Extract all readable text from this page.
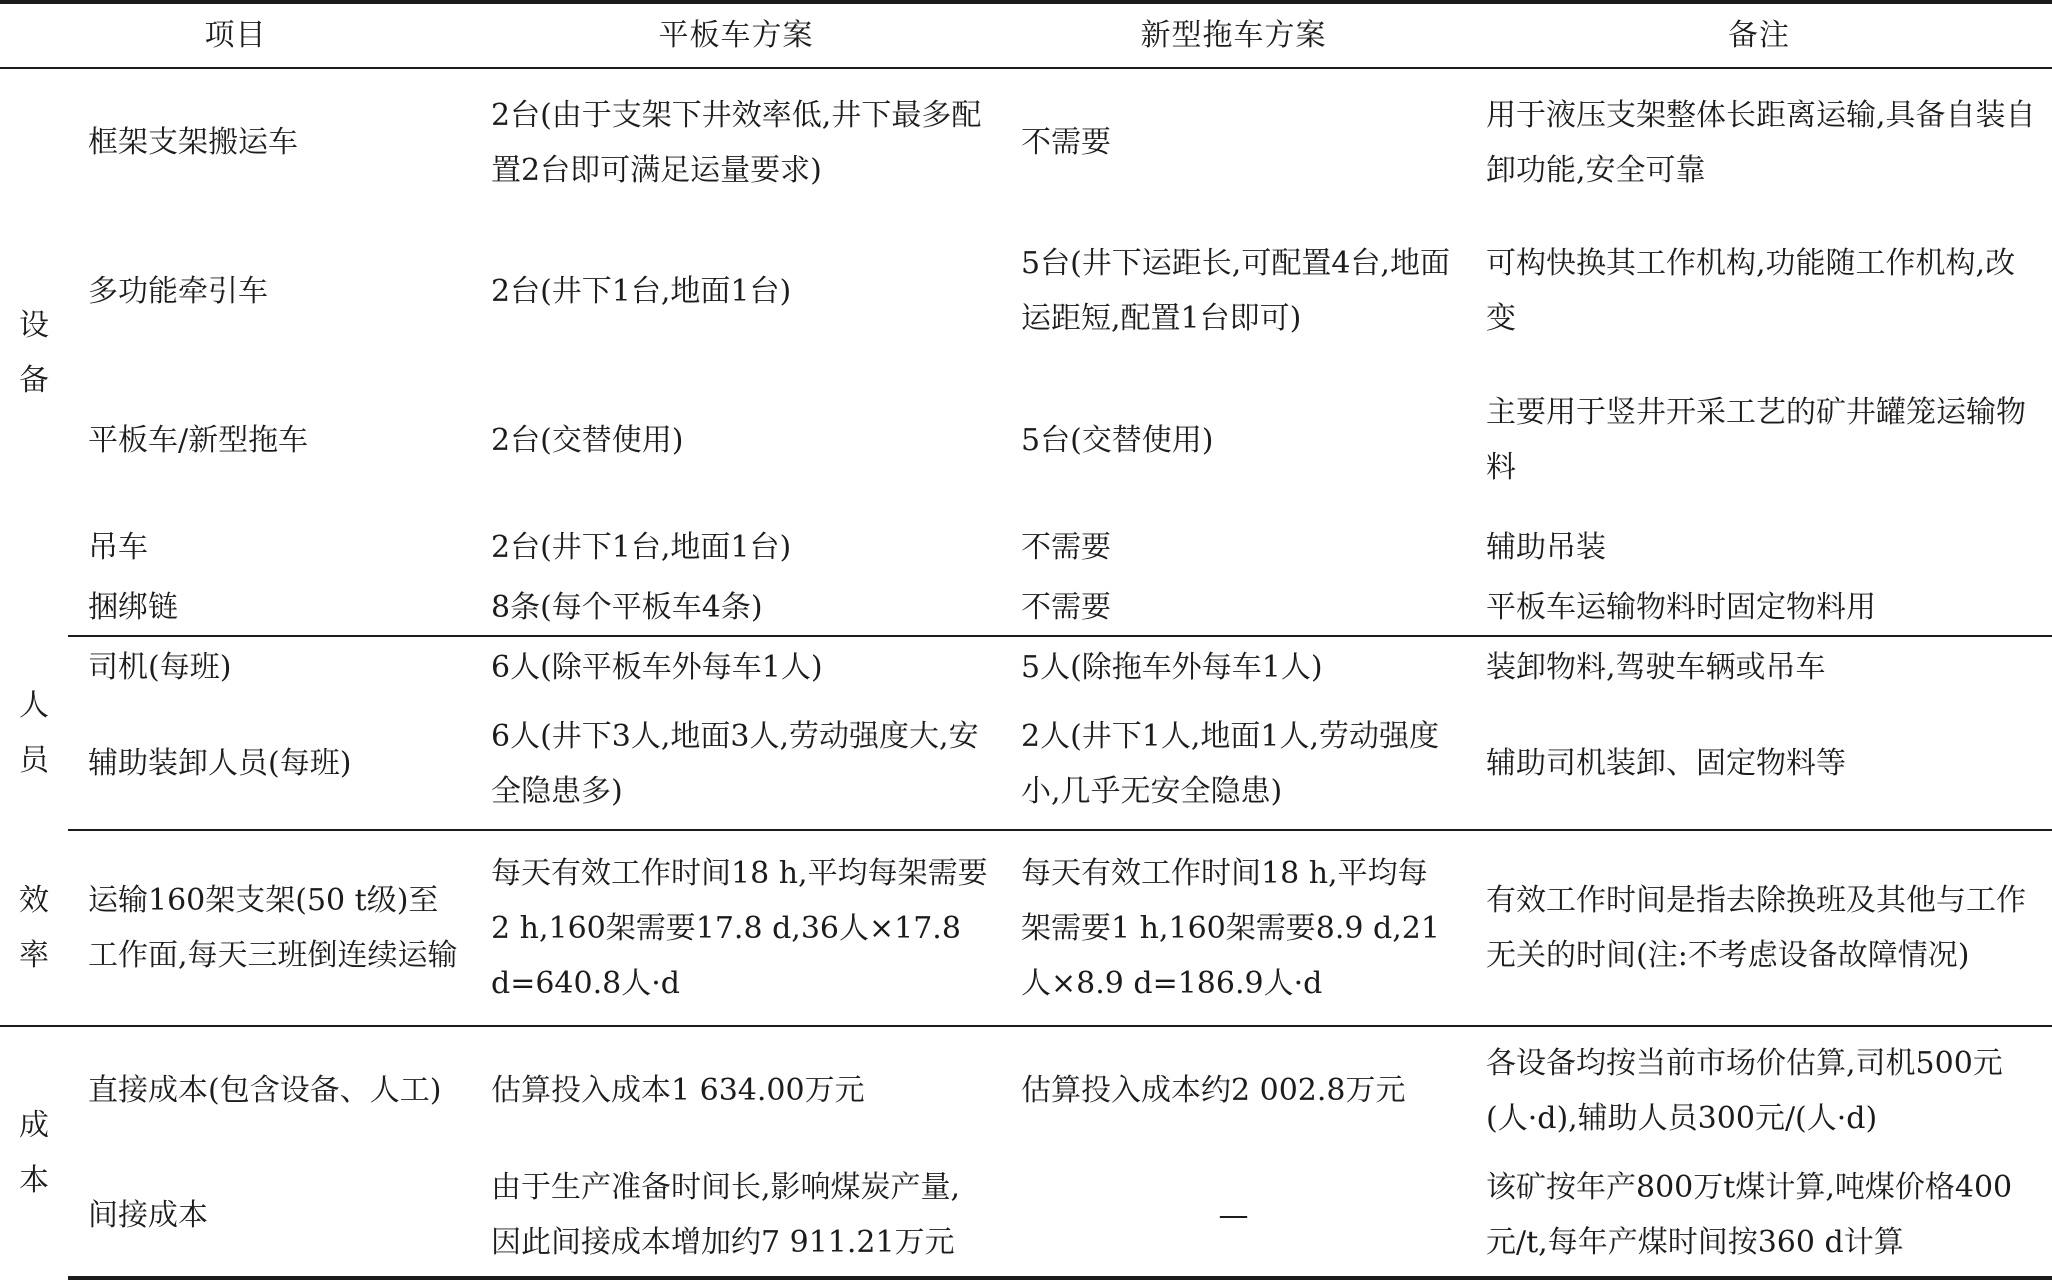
项目		平板车方案	新型拖车方案	备注
设备	框架支架搬运车	2台(由于支架下井效率低,井下最多配置2台即可满足运量要求)	不需要	用于液压支架整体长距离运输,具备自装自卸功能,安全可靠
	多功能牵引车	2台(井下1台,地面1台)	5台(井下运距长,可配置4台,地面运距短,配置1台即可)	可构快换其工作机构,功能随工作机构,改变
	平板车/新型拖车	2台(交替使用)	5台(交替使用)	主要用于竖井开采工艺的矿井罐笼运输物料
	吊车	2台(井下1台,地面1台)	不需要	辅助吊装
	捆绑链	8条(每个平板车4条)	不需要	平板车运输物料时固定物料用
人员	司机(每班)	6人(除平板车外每车1人)	5人(除拖车外每车1人)	装卸物料,驾驶车辆或吊车
	辅助装卸人员(每班)	6人(井下3人,地面3人,劳动强度大,安全隐患多)	2人(井下1人,地面1人,劳动强度小,几乎无安全隐患)	辅助司机装卸、固定物料等
效率	运输160架支架(50 t级)至工作面,每天三班倒连续运输	每天有效工作时间18 h,平均每架需要2 h,160架需要17.8 d,36人×17.8 d=640.8人·d	每天有效工作时间18 h,平均每架需要1 h,160架需要8.9 d,21人×8.9 d=186.9人·d	有效工作时间是指去除换班及其他与工作无关的时间(注:不考虑设备故障情况)
成本	直接成本(包含设备、人工)	估算投入成本1 634.00万元	估算投入成本约2 002.8万元	各设备均按当前市场价估算,司机500元(人·d),辅助人员300元/(人·d)
	间接成本	由于生产准备时间长,影响煤炭产量,因此间接成本增加约7 911.21万元	—	该矿按年产800万t煤计算,吨煤价格400元/t,每年产煤时间按360 d计算
